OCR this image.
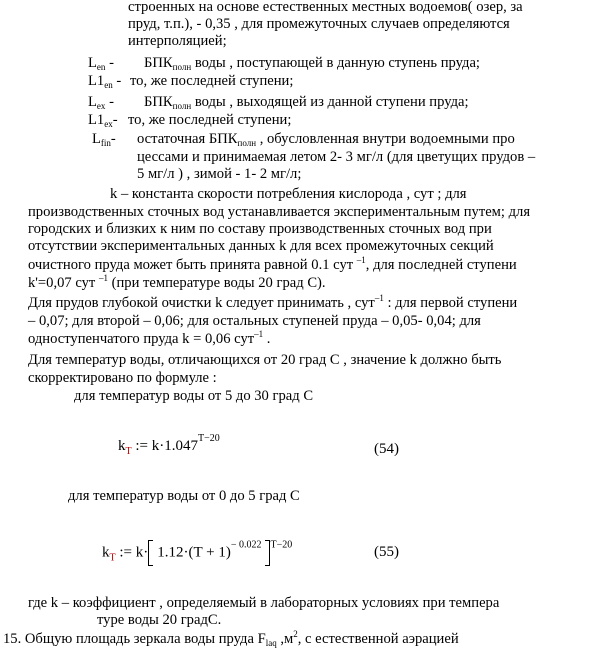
строенных на основе естественных местных водоемов( озер, за
пруд, т.п.), - 0,35 , для промежуточных случаев определяются
интерполяцией;
$L_{en} - БПК_{полн}$ воды , поступающей в данную ступень пруда;
$L1_{en}$ - то, же последней ступени;
$L_{ex} - БПК_{полн}$ воды , выходящей из данной ступени пруда;
$L1_{ex}-$ то, же последней ступени;
$L_{fin}-$ остаточная $БПК_{полн}$ , обусловленная внутри водоемными про
цессами и принимаемая летом 2- 3 мг/л (для цветущих прудов –
5 мг/л ) , зимой - 1- 2 мг/л;
k – константа скорости потребления кислорода , сут ; для
производственных сточных вод устанавливается экспериментальным путем; для
городских и близких к ним по составу производственных сточных вод при
отсутствии экспериментальных данных k для всех промежуточных секций
очистного пруда может быть принята равной 0.1 сут $^{-1}$, для последней ступени
k'=0,07 сут $^{-1}$ (при температуре воды 20 град С).
Для прудов глубокой очистки k следует принимать , сут$^{-1}$ : для первой ступени
– 0,07; для второй – 0,06; для остальных ступеней пруда – 0,05- 0,04; для
одноступенчатого пруда k = 0,06 сут$^{-1}$ .
Для температур воды, отличающихся от 20 град С , значение k должно быть
скорректировано по формуле :
для температур воды от 5 до 30 град С
$k_T$ := $k\cdot 1.047^{T-20}$
(54)
для температур воды от 0 до 5 град С
$k_T$ := $k\cdot 1.12\cdot(T + 1)^{- 0.022}$ $^{T-20}$	(55)
где k – коэффициент , определяемый в лабораторных условиях при темпера
туре воды 20 градС.
15. Общую площадь зеркала воды пруда $F_{laq}$ $,м^2$, с естественной аэрацией
